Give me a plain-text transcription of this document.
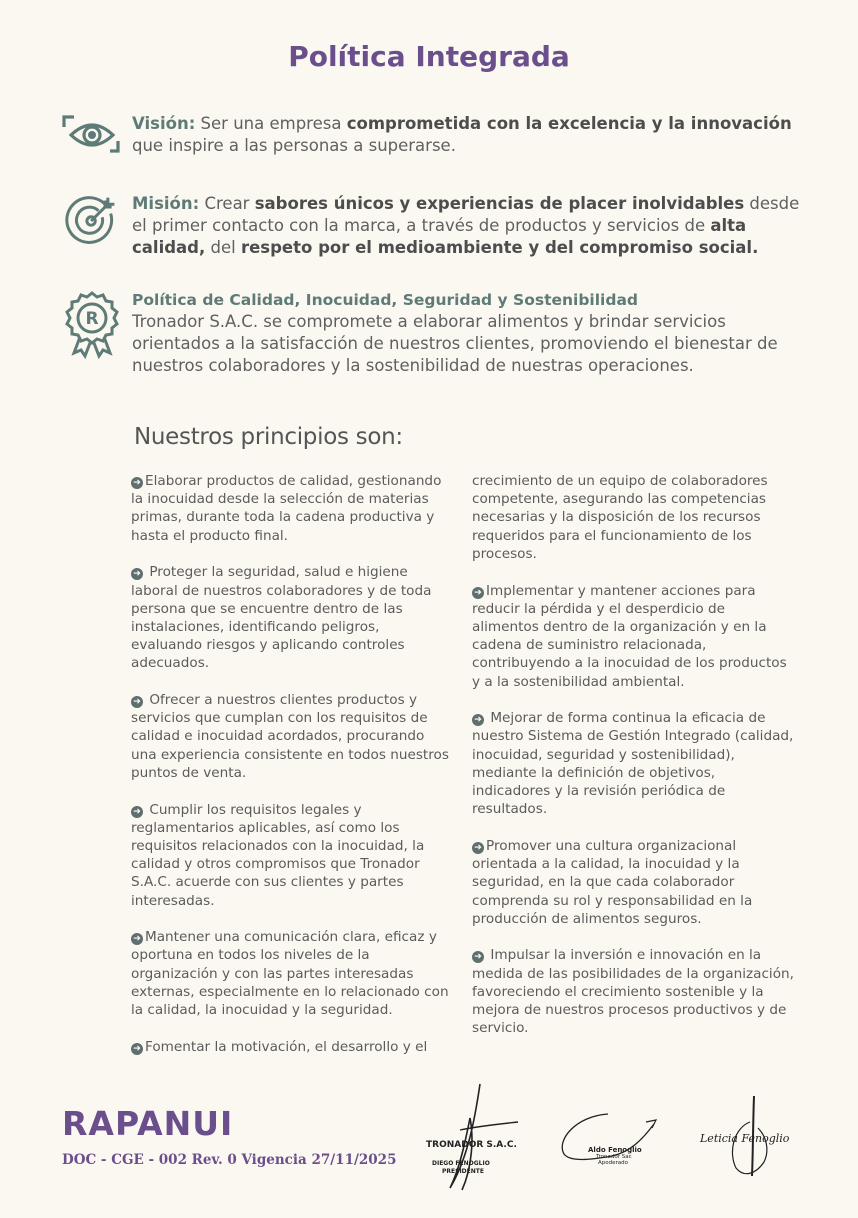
Política Integrada
Visión: Ser una empresa comprometida con la excelencia y la innovación que inspire a las personas a superarse.
Misión: Crear sabores únicos y experiencias de placer inolvidables desde el primer contacto con la marca, a través de productos y servicios de alta calidad, del respeto por el medioambiente y del compromiso social.
R
Política de Calidad, Inocuidad, Seguridad y Sostenibilidad
Tronador S.A.C. se compromete a elaborar alimentos y brindar servicios orientados a la satisfacción de nuestros clientes, promoviendo el bienestar de nuestros colaboradores y la sostenibilidad de nuestras operaciones.
Nuestros principios son:

➔ Elaborar productos de calidad, gestionando la inocuidad desde la selección de materias primas, durante toda la cadena productiva y hasta el producto final.

➔ Proteger la seguridad, salud e higiene laboral de nuestros colaboradores y de toda persona que se encuentre dentro de las instalaciones, identificando peligros, evaluando riesgos y aplicando controles adecuados.

➔ Ofrecer a nuestros clientes productos y servicios que cumplan con los requisitos de calidad e inocuidad acordados, procurando una experiencia consistente en todos nuestros puntos de venta.

➔ Cumplir los requisitos legales y reglamentarios aplicables, así como los requisitos relacionados con la inocuidad, la calidad y otros compromisos que Tronador S.A.C. acuerde con sus clientes y partes interesadas.

➔ Mantener una comunicación clara, eficaz y oportuna en todos los niveles de la organización y con las partes interesadas externas, especialmente en lo relacionado con la calidad, la inocuidad y la seguridad.

➔ Fomentar la motivación, el desarrollo y el

crecimiento de un equipo de colaboradores competente, asegurando las competencias necesarias y la disposición de los recursos requeridos para el funcionamiento de los procesos.

➔ Implementar y mantener acciones para reducir la pérdida y el desperdicio de alimentos dentro de la organización y en la cadena de suministro relacionada, contribuyendo a la inocuidad de los productos y a la sostenibilidad ambiental.

➔ Mejorar de forma continua la eficacia de nuestro Sistema de Gestión Integrado (calidad, inocuidad, seguridad y sostenibilidad), mediante la definición de objetivos, indicadores y la revisión periódica de resultados.

➔ Promover una cultura organizacional orientada a la calidad, la inocuidad y la seguridad, en la que cada colaborador comprenda su rol y responsabilidad en la producción de alimentos seguros.

➔ Impulsar la inversión e innovación en la medida de las posibilidades de la organización, favoreciendo el crecimiento sostenible y la mejora de nuestros procesos productivos y de servicio.

RAPANUI
DOC - CGE - 002 Rev. 0 Vigencia 27/11/2025
TRONADOR S.A.C.
DIEGO FENOGLIO
PRESIDENTE
Aldo Fenoglio
Tronador Sac
Apoderado
Leticia Fenoglio
